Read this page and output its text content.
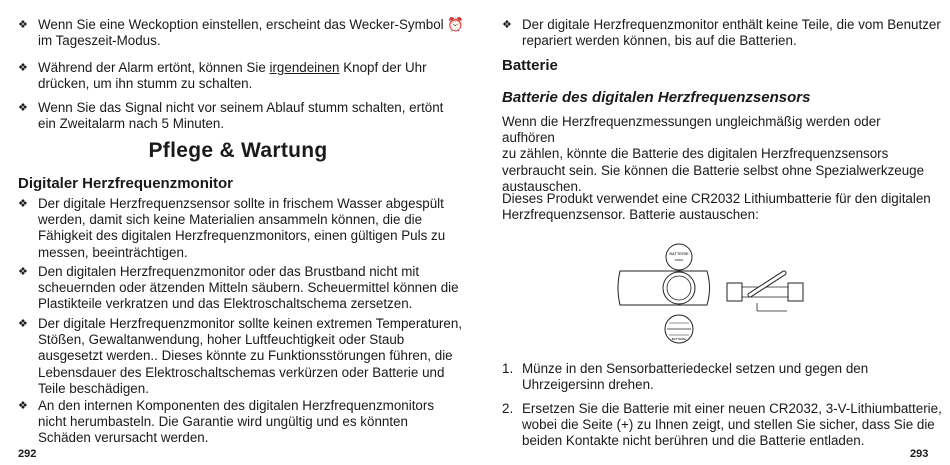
❖ Wenn Sie eine Weckoption einstellen, erscheint das Wecker-Symbol ⏰
im Tageszeit-Modus.
❖ Während der Alarm ertönt, können Sie irgendeinen Knopf der Uhr
drücken, um ihn stumm zu schalten.
❖ Wenn Sie das Signal nicht vor seinem Ablauf stumm schalten, ertönt
ein Zweitalarm nach 5 Minuten.
Pflege & Wartung
Digitaler Herzfrequenzmonitor
❖ Der digitale Herzfrequenzsensor sollte in frischem Wasser abgespült
werden, damit sich keine Materialien ansammeln können, die die
Fähigkeit des digitalen Herzfrequenzmonitors, einen gültigen Puls zu
messen, beeinträchtigen.
❖ Den digitalen Herzfrequenzmonitor oder das Brustband nicht mit
scheuernden oder ätzenden Mitteln säubern. Scheuermittel können die
Plastikteile verkratzen und das Elektroschaltschema zersetzen.
❖ Der digitale Herzfrequenzmonitor sollte keinen extremen Temperaturen,
Stößen, Gewaltanwendung, hoher Luftfeuchtigkeit oder Staub
ausgesetzt werden.. Dieses könnte zu Funktionsstörungen führen, die
Lebensdauer des Elektroschaltschemas verkürzen oder Batterie und
Teile beschädigen.
❖ An den internen Komponenten des digitalen Herzfrequenzmonitors
nicht herumbasteln. Die Garantie wird ungültig und es könnten
Schäden verursacht werden.
292
❖ Der digitale Herzfrequenzmonitor enthält keine Teile, die vom Benutzer
repariert werden können, bis auf die Batterien.
Batterie
Batterie des digitalen Herzfrequenzsensors
Wenn die Herzfrequenzmessungen ungleichmäßig werden oder aufhören
zu zählen, könnte die Batterie des digitalen Herzfrequenzsensors
verbraucht sein. Sie können die Batterie selbst ohne Spezialwerkzeuge
austauschen.
Dieses Produkt verwendet eine CR2032 Lithiumbatterie für den digitalen
Herzfrequenzsensor. Batterie austauschen:
BATTERIE
OPEN
BATTERIE
1. Münze in den Sensorbatteriedeckel setzen und gegen den
Uhrzeigersinn drehen.
2. Ersetzen Sie die Batterie mit einer neuen CR2032, 3-V-Lithiumbatterie,
wobei die Seite (+) zu Ihnen zeigt, und stellen Sie sicher, dass Sie die
beiden Kontakte nicht berühren und die Batterie entladen.
293
